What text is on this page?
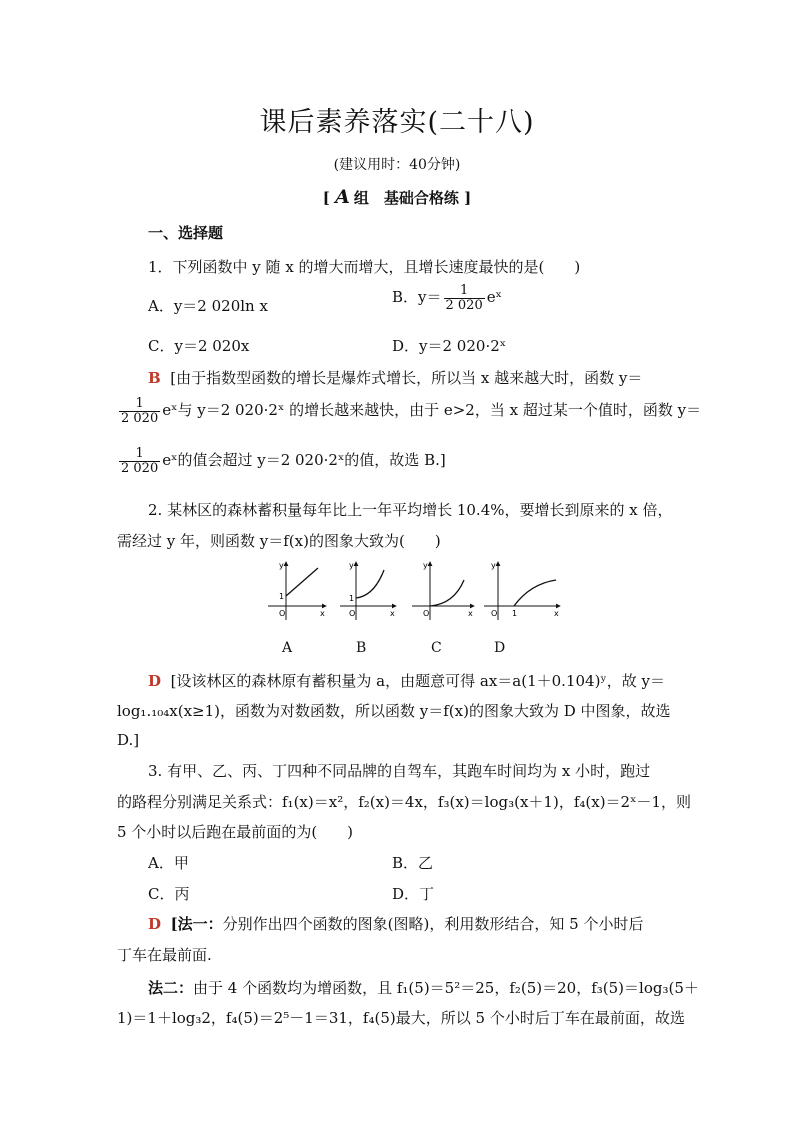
课后素养落实(二十八)
(建议用时：40分钟)
[ A 组　基础合格练 ]
一、选择题
1．下列函数中 y 随 x 的增大而增大，且增长速度最快的是(　　)
A．y＝2 020ln x	B．$y= \frac{1}{2 020}$ eˣ
C．y＝2 020x	D．y＝2 020·2ˣ
B [由于指数型函数的增长是爆炸式增长，所以当 x 越来越大时，函数 y＝
$\frac{1}{2 020}$ eˣ与 y＝2 020·2ˣ 的增长越来越快，由于 e>2，当 x 超过某一个值时，函数 y＝
$\frac{1}{2 020}$ eˣ的值会超过 y＝2 020·2ˣ的值，故选 B.]
2. 某林区的森林蓄积量每年比上一年平均增长 10.4%，要增长到原来的 x 倍，
需经过 y 年，则函数 y＝f(x)的图象大致为(　　)
y
x
O
1
y
x
O
1
y
x
O
y
x
O 1
A	B	C	D
D [设该林区的森林原有蓄积量为 a，由题意可得 ax＝a(1＋0.104)ʸ，故 y＝
log₁.₁₀₄x(x≥1)，函数为对数函数，所以函数 y＝f(x)的图象大致为 D 中图象，故选
D.]
3. 有甲、乙、丙、丁四种不同品牌的自驾车，其跑车时间均为 x 小时，跑过
的路程分别满足关系式：f₁(x)＝x²，f₂(x)＝4x，f₃(x)＝log₃(x＋1)，f₄(x)＝2ˣ－1，则
5 个小时以后跑在最前面的为(　　)
A．甲	B．乙
C．丙	D．丁
D [法一：分别作出四个函数的图象(图略)，利用数形结合，知 5 个小时后
丁车在最前面.
法二：由于 4 个函数均为增函数，且 f₁(5)＝5²＝25，f₂(5)＝20，f₃(5)＝log₃(5＋
1)＝1＋log₃2，f₄(5)＝2⁵－1＝31，f₄(5)最大，所以 5 个小时后丁车在最前面，故选
